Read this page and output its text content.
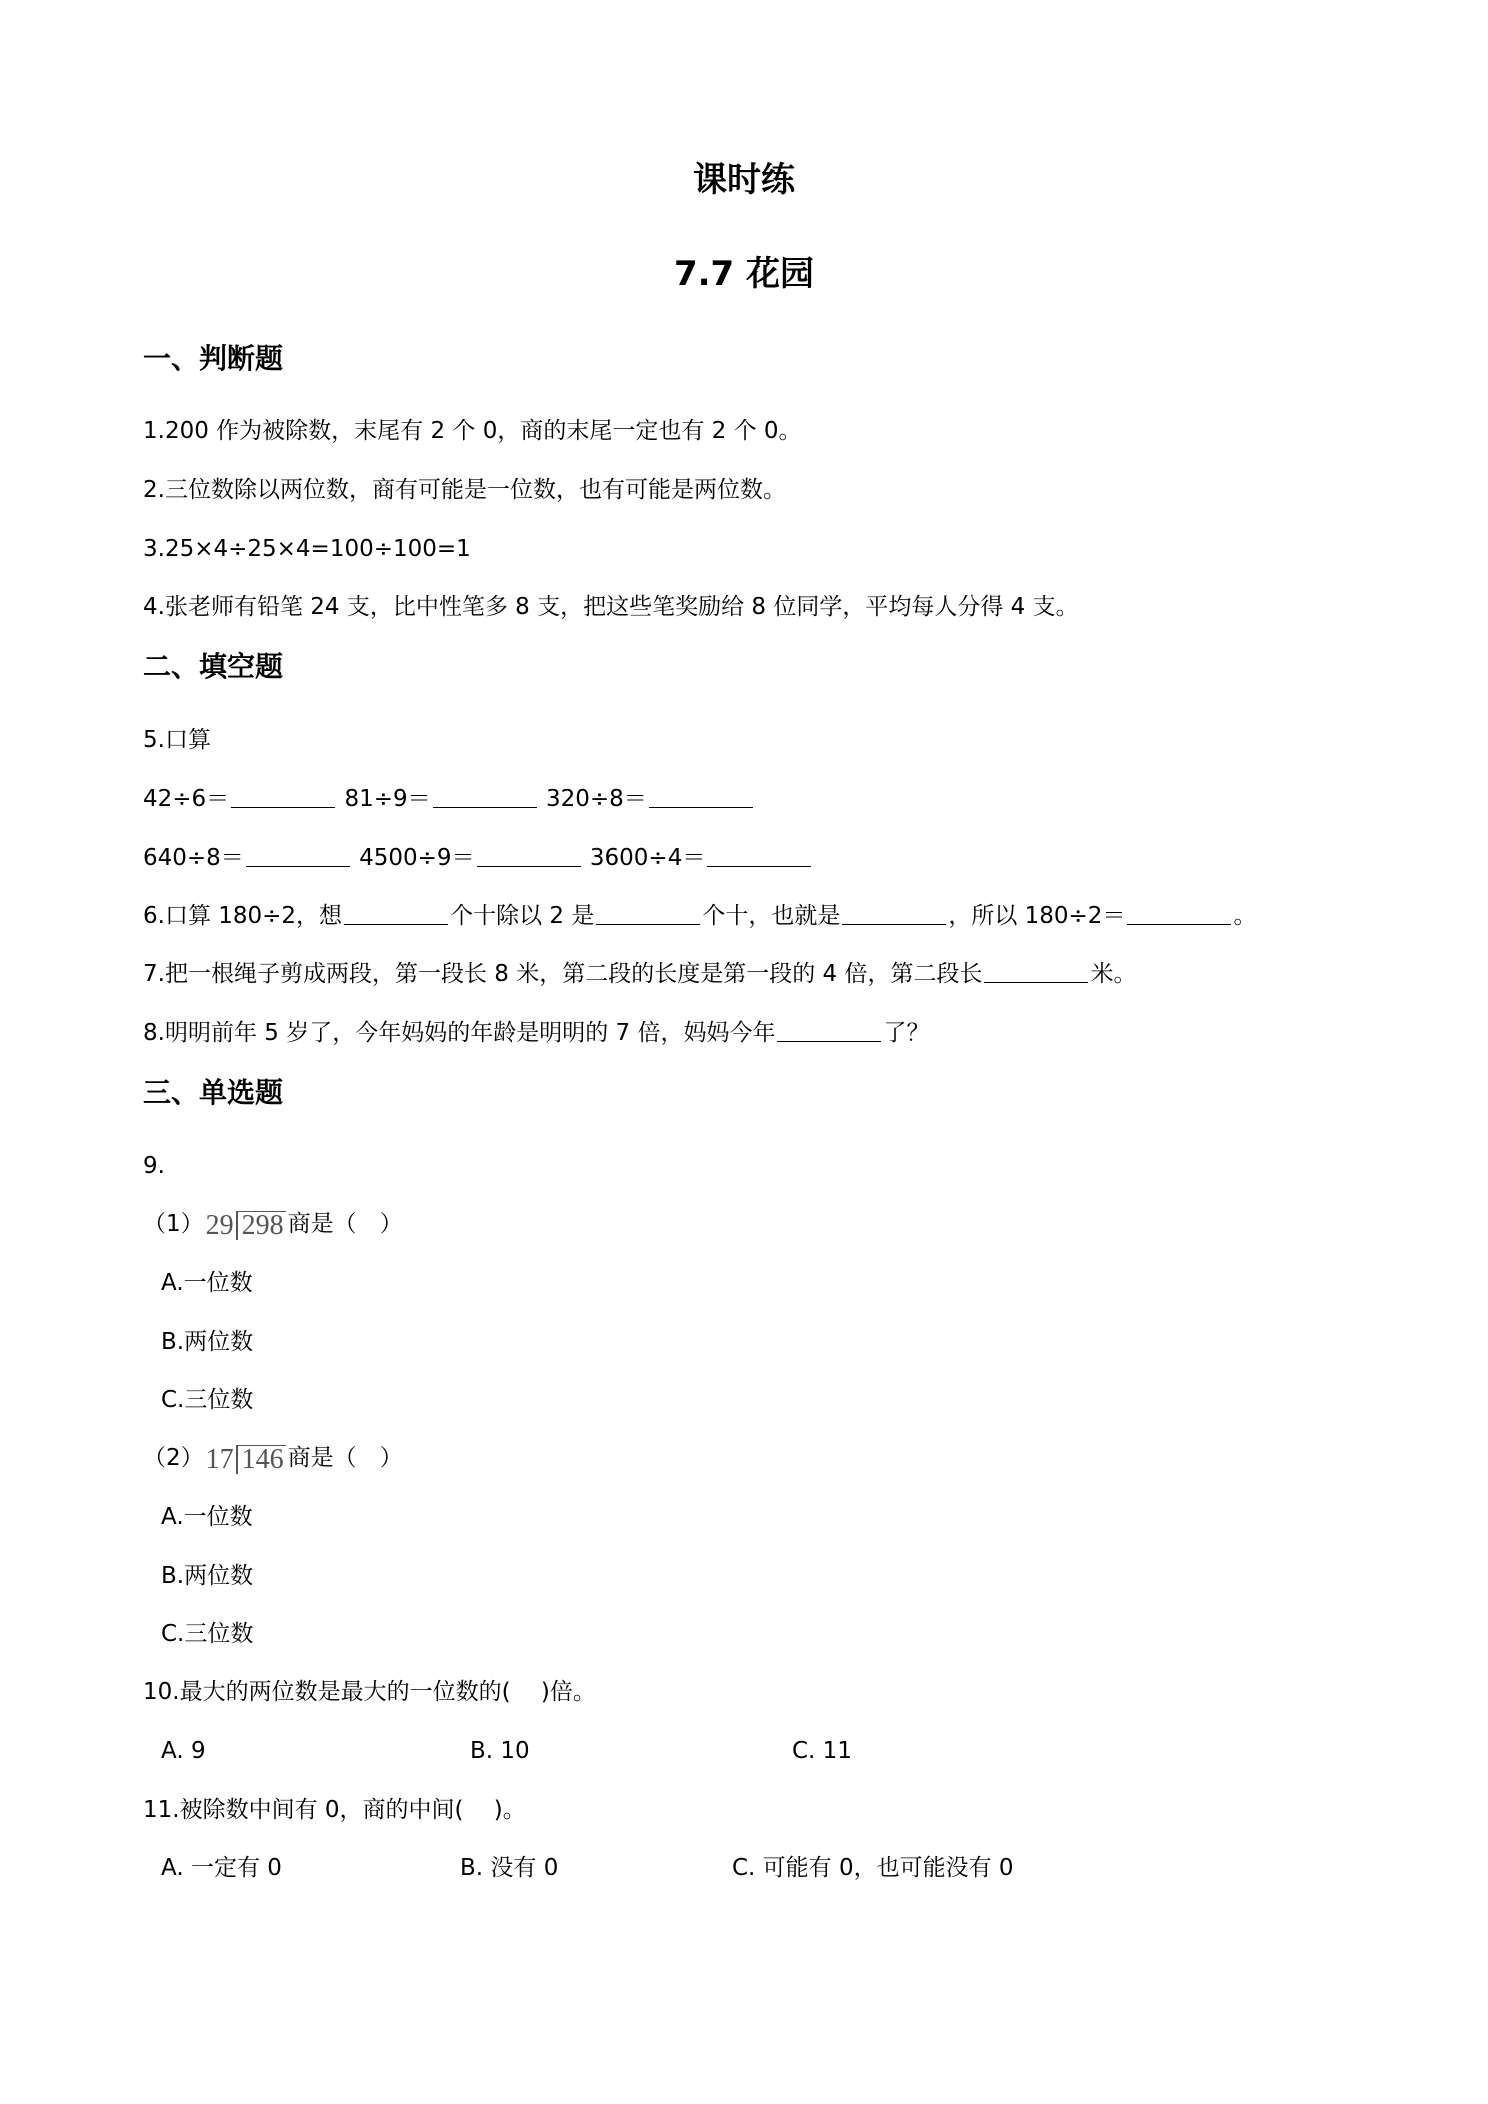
课时练
7.7 花园
一、判断题
1.200 作为被除数，末尾有 2 个 0，商的末尾一定也有 2 个 0。
2.三位数除以两位数，商有可能是一位数，也有可能是两位数。
3.25×4÷25×4=100÷100=1
4.张老师有铅笔 24 支，比中性笔多 8 支，把这些笔奖励给 8 位同学，平均每人分得 4 支。
二、填空题
5.口算
42÷6＝	81÷9＝	320÷8＝
640÷8＝	4500÷9＝	3600÷4＝
6.口算 180÷2，想	个十除以 2 是	个十，也就是	，所以 180÷2＝	。
7.把一根绳子剪成两段，第一段长 8 米，第二段的长度是第一段的 4 倍，第二段长	米。
8.明明前年 5 岁了，今年妈妈的年龄是明明的 7 倍，妈妈今年	了？
三、单选题
9.
（1）29 298 商是（　）
A.一位数
B.两位数
C.三位数
（2）17 146 商是（　）
A.一位数
B.两位数
C.三位数
10.最大的两位数是最大的一位数的(　 )倍。
A. 9	B. 10	C. 11
11.被除数中间有 0，商的中间(　 )。
A. 一定有 0	B. 没有 0	C. 可能有 0，也可能没有 0
